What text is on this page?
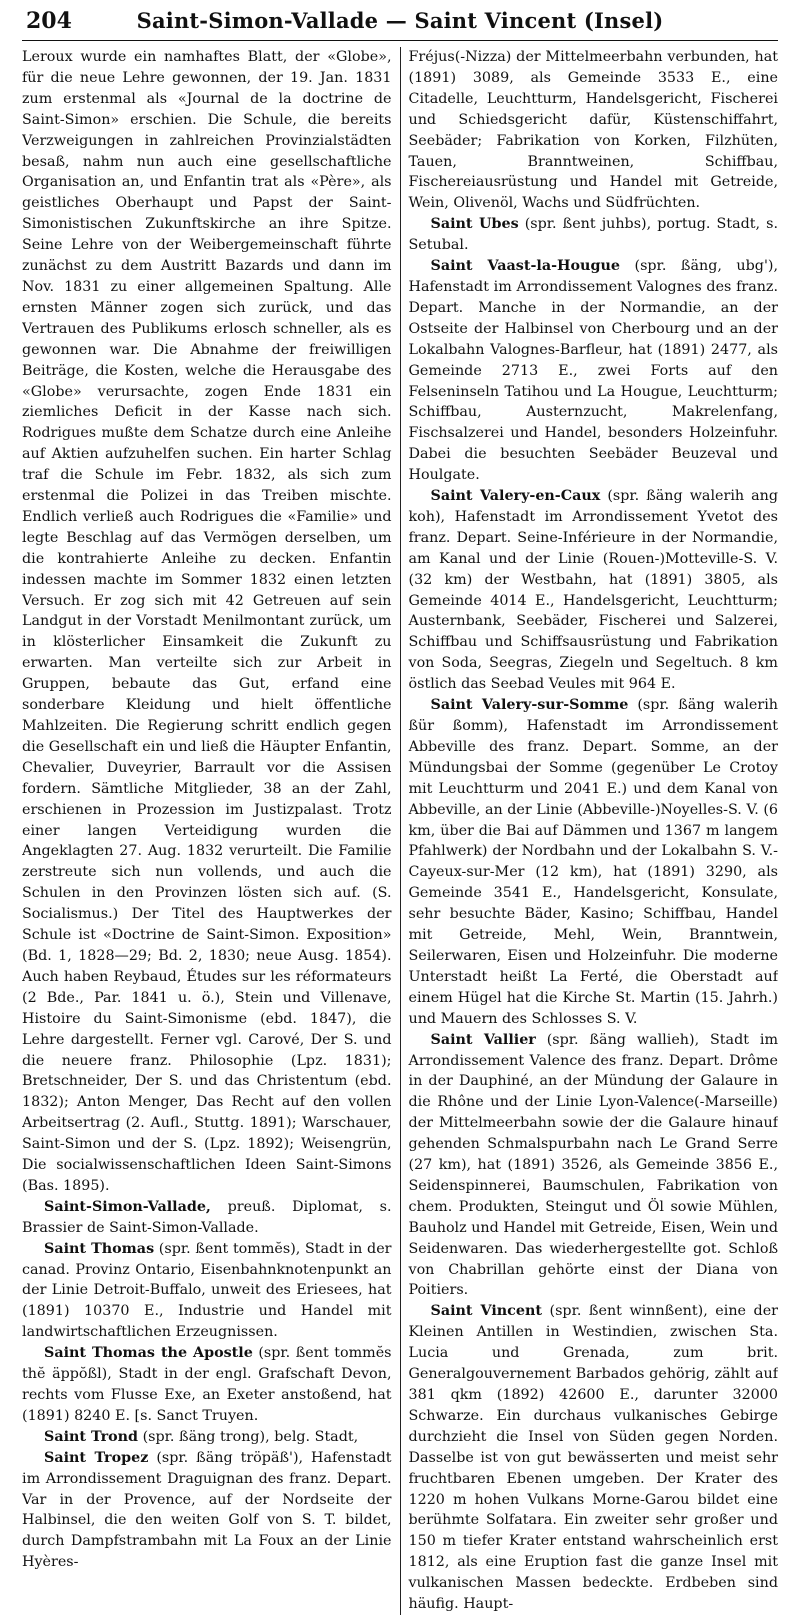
204	Saint-Simon-Vallade — Saint Vincent (Insel)

Leroux wurde ein namhaftes Blatt, der «Globe», für die neue Lehre gewonnen, der 19. Jan. 1831 zum erstenmal als «Journal de la doctrine de Saint-Simon» erschien. Die Schule, die bereits Verzweigungen in zahlreichen Provinzialstädten besaß, nahm nun auch eine gesellschaftliche Organisation an, und Enfantin trat als «Père», als geistliches Oberhaupt und Papst der Saint-Simonistischen Zukunftskirche an ihre Spitze. Seine Lehre von der Weibergemeinschaft führte zunächst zu dem Austritt Bazards und dann im Nov. 1831 zu einer allgemeinen Spaltung. Alle ernsten Männer zogen sich zurück, und das Vertrauen des Publikums erlosch schneller, als es gewonnen war. Die Abnahme der freiwilligen Beiträge, die Kosten, welche die Herausgabe des «Globe» verursachte, zogen Ende 1831 ein ziemliches Deficit in der Kasse nach sich. Rodrigues mußte dem Schatze durch eine Anleihe auf Aktien aufzuhelfen suchen. Ein harter Schlag traf die Schule im Febr. 1832, als sich zum erstenmal die Polizei in das Treiben mischte. Endlich verließ auch Rodrigues die «Familie» und legte Beschlag auf das Vermögen derselben, um die kontrahierte Anleihe zu decken. Enfantin indessen machte im Sommer 1832 einen letzten Versuch. Er zog sich mit 42 Getreuen auf sein Landgut in der Vorstadt Menilmontant zurück, um in klösterlicher Einsamkeit die Zukunft zu erwarten. Man verteilte sich zur Arbeit in Gruppen, bebaute das Gut, erfand eine sonderbare Kleidung und hielt öffentliche Mahlzeiten. Die Regierung schritt endlich gegen die Gesellschaft ein und ließ die Häupter Enfantin, Chevalier, Duveyrier, Barrault vor die Assisen fordern. Sämtliche Mitglieder, 38 an der Zahl, erschienen in Prozession im Justizpalast. Trotz einer langen Verteidigung wurden die Angeklagten 27. Aug. 1832 verurteilt. Die Familie zerstreute sich nun vollends, und auch die Schulen in den Provinzen lösten sich auf. (S. Socialismus.) Der Titel des Hauptwerkes der Schule ist «Doctrine de Saint-Simon. Exposition» (Bd. 1, 1828—29; Bd. 2, 1830; neue Ausg. 1854). Auch haben Reybaud, Études sur les réformateurs (2 Bde., Par. 1841 u. ö.), Stein und Villenave, Histoire du Saint-Simonisme (ebd. 1847), die Lehre dargestellt. Ferner vgl. Carové, Der S. und die neuere franz. Philosophie (Lpz. 1831); Bretschneider, Der S. und das Christentum (ebd. 1832); Anton Menger, Das Recht auf den vollen Arbeitsertrag (2. Aufl., Stuttg. 1891); Warschauer, Saint-Simon und der S. (Lpz. 1892); Weisengrün, Die socialwissenschaftlichen Ideen Saint-Simons (Bas. 1895).

Saint-Simon-Vallade, preuß. Diplomat, s. Brassier de Saint-Simon-Vallade.

Saint Thomas (spr. ßent tommĕs), Stadt in der canad. Provinz Ontario, Eisenbahnknotenpunkt an der Linie Detroit-Buffalo, unweit des Eriesees, hat (1891) 10370 E., Industrie und Handel mit landwirtschaftlichen Erzeugnissen.

Saint Thomas the Apostle (spr. ßent tommĕs thĕ äppŏßl), Stadt in der engl. Grafschaft Devon, rechts vom Flusse Exe, an Exeter anstoßend, hat (1891) 8240 E. [s. Sanct Truyen.

Saint Trond (spr. ßäng trong), belg. Stadt,

Saint Tropez (spr. ßäng tröpäß'), Hafenstadt im Arrondissement Draguignan des franz. Depart. Var in der Provence, auf der Nordseite der Halbinsel, die den weiten Golf von S. T. bildet, durch Dampfstrambahn mit La Foux an der Linie Hyères-

Fréjus(-Nizza) der Mittelmeerbahn verbunden, hat (1891) 3089, als Gemeinde 3533 E., eine Citadelle, Leuchtturm, Handelsgericht, Fischerei und Schiedsgericht dafür, Küstenschiffahrt, Seebäder; Fabrikation von Korken, Filzhüten, Tauen, Branntweinen, Schiffbau, Fischereiausrüstung und Handel mit Getreide, Wein, Olivenöl, Wachs und Südfrüchten.

Saint Ubes (spr. ßent juhbs), portug. Stadt, s. Setubal.

Saint Vaast-la-Hougue (spr. ßäng, ubg'), Hafenstadt im Arrondissement Valognes des franz. Depart. Manche in der Normandie, an der Ostseite der Halbinsel von Cherbourg und an der Lokalbahn Valognes-Barfleur, hat (1891) 2477, als Gemeinde 2713 E., zwei Forts auf den Felseninseln Tatihou und La Hougue, Leuchtturm; Schiffbau, Austernzucht, Makrelenfang, Fischsalzerei und Handel, besonders Holzeinfuhr. Dabei die besuchten Seebäder Beuzeval und Houlgate.

Saint Valery-en-Caux (spr. ßäng walerih ang koh), Hafenstadt im Arrondissement Yvetot des franz. Depart. Seine-Inférieure in der Normandie, am Kanal und der Linie (Rouen-)Motteville-S. V. (32 km) der Westbahn, hat (1891) 3805, als Gemeinde 4014 E., Handelsgericht, Leuchtturm; Austernbank, Seebäder, Fischerei und Salzerei, Schiffbau und Schiffsausrüstung und Fabrikation von Soda, Seegras, Ziegeln und Segeltuch. 8 km östlich das Seebad Veules mit 964 E.

Saint Valery-sur-Somme (spr. ßäng walerih ßür ßomm), Hafenstadt im Arrondissement Abbeville des franz. Depart. Somme, an der Mündungsbai der Somme (gegenüber Le Crotoy mit Leuchtturm und 2041 E.) und dem Kanal von Abbeville, an der Linie (Abbeville-)Noyelles-S. V. (6 km, über die Bai auf Dämmen und 1367 m langem Pfahlwerk) der Nordbahn und der Lokalbahn S. V.-Cayeux-sur-Mer (12 km), hat (1891) 3290, als Gemeinde 3541 E., Handelsgericht, Konsulate, sehr besuchte Bäder, Kasino; Schiffbau, Handel mit Getreide, Mehl, Wein, Branntwein, Seilerwaren, Eisen und Holzeinfuhr. Die moderne Unterstadt heißt La Ferté, die Oberstadt auf einem Hügel hat die Kirche St. Martin (15. Jahrh.) und Mauern des Schlosses S. V.

Saint Vallier (spr. ßäng wallieh), Stadt im Arrondissement Valence des franz. Depart. Drôme in der Dauphiné, an der Mündung der Galaure in die Rhône und der Linie Lyon-Valence(-Marseille) der Mittelmeerbahn sowie der die Galaure hinauf gehenden Schmalspurbahn nach Le Grand Serre (27 km), hat (1891) 3526, als Gemeinde 3856 E., Seidenspinnerei, Baumschulen, Fabrikation von chem. Produkten, Steingut und Öl sowie Mühlen, Bauholz und Handel mit Getreide, Eisen, Wein und Seidenwaren. Das wiederhergestellte got. Schloß von Chabrillan gehörte einst der Diana von Poitiers.

Saint Vincent (spr. ßent winnßent), eine der Kleinen Antillen in Westindien, zwischen Sta. Lucia und Grenada, zum brit. Generalgouvernement Barbados gehörig, zählt auf 381 qkm (1892) 42600 E., darunter 32000 Schwarze. Ein durchaus vulkanisches Gebirge durchzieht die Insel von Süden gegen Norden. Dasselbe ist von gut bewässerten und meist sehr fruchtbaren Ebenen umgeben. Der Krater des 1220 m hohen Vulkans Morne-Garou bildet eine berühmte Solfatara. Ein zweiter sehr großer und 150 m tiefer Krater entstand wahrscheinlich erst 1812, als eine Eruption fast die ganze Insel mit vulkanischen Massen bedeckte. Erdbeben sind häufig. Haupt-
